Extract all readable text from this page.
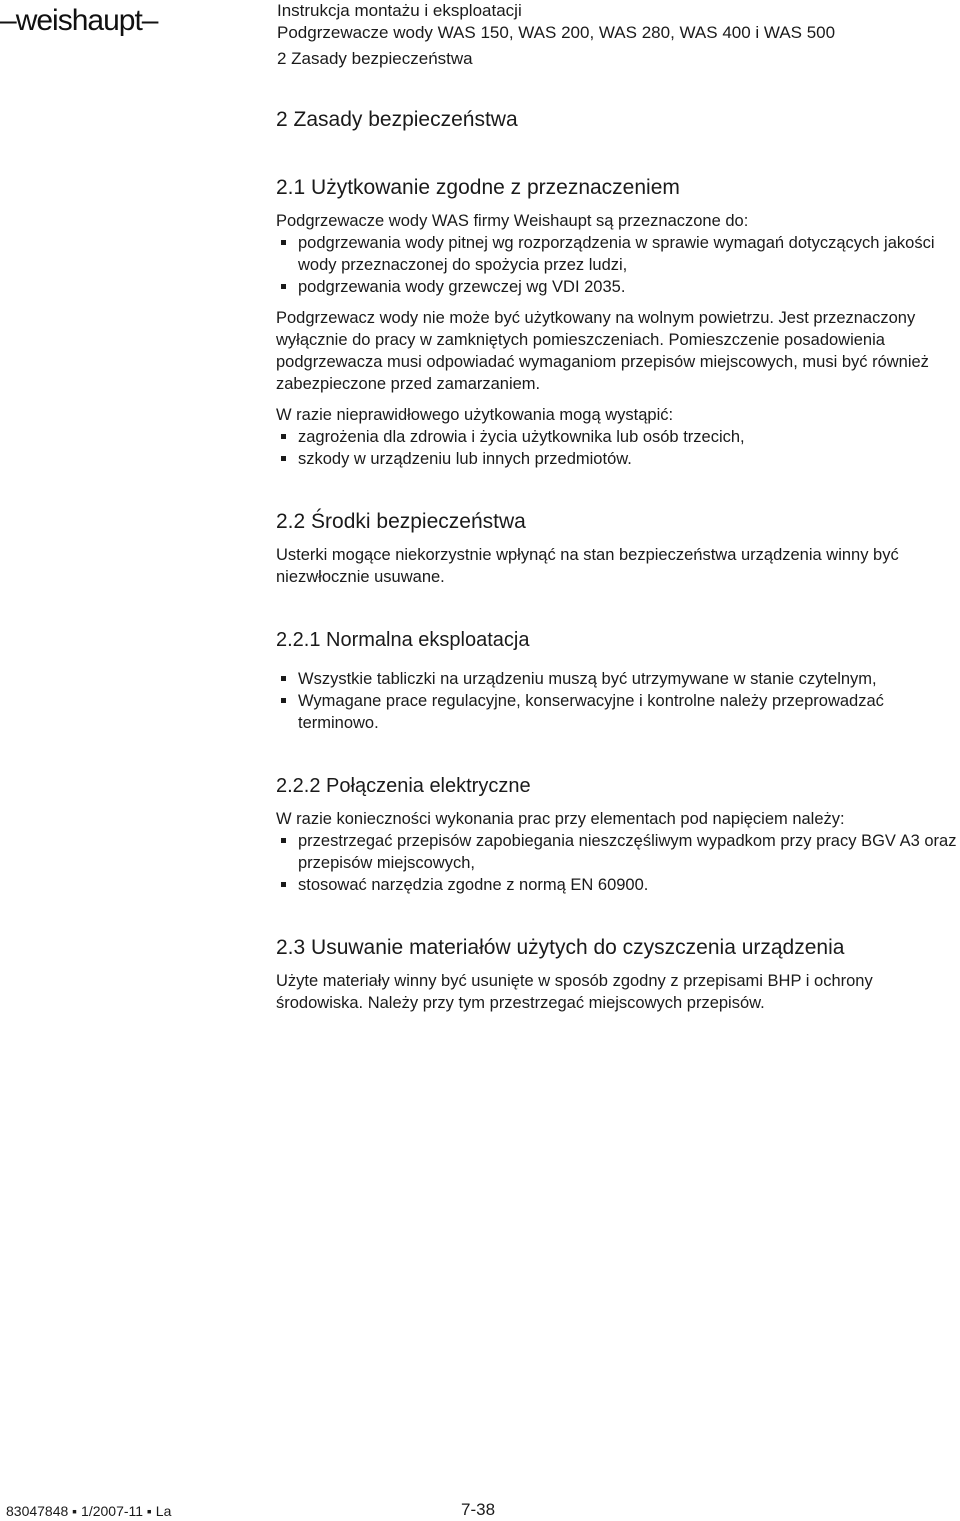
–weishaupt–	Instrukcja montażu i eksploatacji
Podgrzewacze wody WAS 150, WAS 200, WAS 280, WAS 400 i WAS 500
2 Zasady bezpieczeństwa
2 Zasady bezpieczeństwa
2.1 Użytkowanie zgodne z przeznaczeniem

Podgrzewacze wody WAS firmy Weishaupt są przeznaczone do:

podgrzewania wody pitnej wg rozporządzenia w sprawie wymagań dotyczących jakości wody przeznaczonej do spożycia przez ludzi,
podgrzewania wody grzewczej wg VDI 2035.

Podgrzewacz wody nie może być użytkowany na wolnym powietrzu. Jest przeznaczony wyłącznie do pracy w zamkniętych pomieszczeniach. Pomieszczenie posadowienia podgrzewacza musi odpowiadać wymaganiom przepisów miejscowych, musi być również zabezpieczone przed zamarzaniem.

W razie nieprawidłowego użytkowania mogą wystąpić:

zagrożenia dla zdrowia i życia użytkownika lub osób trzecich,
szkody w urządzeniu lub innych przedmiotów.
2.2 Środki bezpieczeństwa

Usterki mogące niekorzystnie wpłynąć na stan bezpieczeństwa urządzenia winny być niezwłocznie usuwane.

2.2.1 Normalna eksploatacja
Wszystkie tabliczki na urządzeniu muszą być utrzymywane w stanie czytelnym,
Wymagane prace regulacyjne, konserwacyjne i kontrolne należy przeprowadzać terminowo.
2.2.2 Połączenia elektryczne

W razie konieczności wykonania prac przy elementach pod napięciem należy:

przestrzegać przepisów zapobiegania nieszczęśliwym wypadkom przy pracy BGV A3 oraz przepisów miejscowych,
stosować narzędzia zgodne z normą EN 60900.
2.3 Usuwanie materiałów użytych do czyszczenia urządzenia

Użyte materiały winny być usunięte w sposób zgodny z przepisami BHP i ochrony środowiska. Należy przy tym przestrzegać miejscowych przepisów.

83047848 ▪ 1/2007-11 ▪ La	7-38
